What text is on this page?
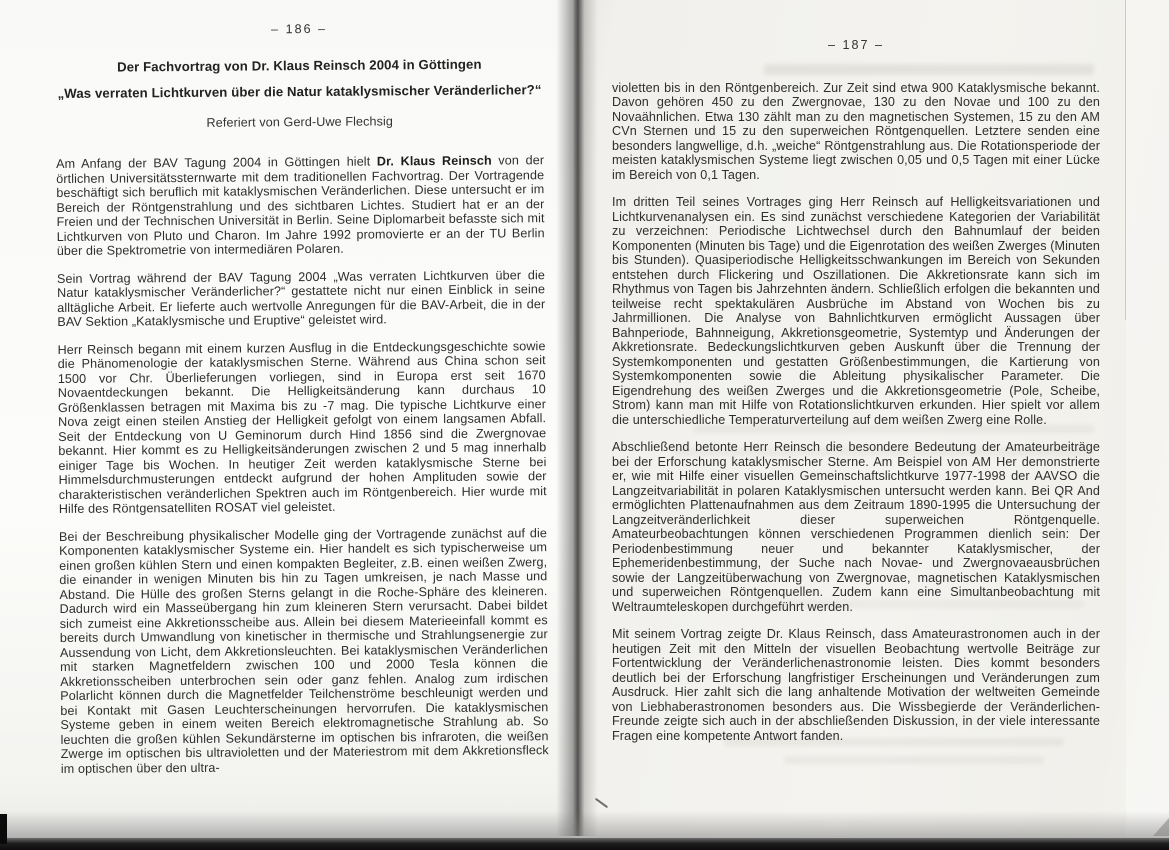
– 186 –
Der Fachvortrag von Dr. Klaus Reinsch 2004 in Göttingen
„Was verraten Lichtkurven über die Natur kataklysmischer Veränderlicher?“
Referiert von Gerd-Uwe Flechsig

Am Anfang der BAV Tagung 2004 in Göttingen hielt Dr. Klaus Reinsch von der örtlichen Universitätssternwarte mit dem traditionellen Fachvortrag. Der Vortragende beschäftigt sich beruflich mit kataklysmischen Veränderlichen. Diese untersucht er im Bereich der Röntgenstrahlung und des sichtbaren Lichtes. Studiert hat er an der Freien und der Technischen Universität in Berlin. Seine Diplomarbeit befasste sich mit Lichtkurven von Pluto und Charon. Im Jahre 1992 promovierte er an der TU Berlin über die Spektrometrie von intermediären Polaren.

Sein Vortrag während der BAV Tagung 2004 „Was verraten Lichtkurven über die Natur kataklysmischer Veränderlicher?“ gestattete nicht nur einen Einblick in seine alltägliche Arbeit. Er lieferte auch wertvolle Anregungen für die BAV-Arbeit, die in der BAV Sektion „Kataklysmische und Eruptive“ geleistet wird.

Herr Reinsch begann mit einem kurzen Ausflug in die Entdeckungsgeschichte sowie die Phänomenologie der kataklysmischen Sterne. Während aus China schon seit 1500 vor Chr. Überlieferungen vorliegen, sind in Europa erst seit 1670 Novaentdeckungen bekannt. Die Helligkeitsänderung kann durchaus 10 Größenklassen betragen mit Maxima bis zu -7 mag. Die typische Lichtkurve einer Nova zeigt einen steilen Anstieg der Helligkeit gefolgt von einem langsamen Abfall. Seit der Entdeckung von U Geminorum durch Hind 1856 sind die Zwergnovae bekannt. Hier kommt es zu Helligkeitsänderungen zwischen 2 und 5 mag innerhalb einiger Tage bis Wochen. In heutiger Zeit werden kataklysmische Sterne bei Himmelsdurchmusterungen entdeckt aufgrund der hohen Amplituden sowie der charakteristischen veränderlichen Spektren auch im Röntgenbereich. Hier wurde mit Hilfe des Röntgensatelliten ROSAT viel geleistet.

Bei der Beschreibung physikalischer Modelle ging der Vortragende zunächst auf die Komponenten kataklysmischer Systeme ein. Hier handelt es sich typischerweise um einen großen kühlen Stern und einen kompakten Begleiter, z.B. einen weißen Zwerg, die einander in wenigen Minuten bis hin zu Tagen umkreisen, je nach Masse und Abstand. Die Hülle des großen Sterns gelangt in die Roche-Sphäre des kleineren. Dadurch wird ein Masseübergang hin zum kleineren Stern verursacht. Dabei bildet sich zumeist eine Akkretionsscheibe aus. Allein bei diesem Materieeinfall kommt es bereits durch Umwandlung von kinetischer in thermische und Strahlungsenergie zur Aussendung von Licht, dem Akkretionsleuchten. Bei kataklysmischen Veränderlichen mit starken Magnetfeldern zwischen 100 und 2000 Tesla können die Akkretionsscheiben unterbrochen sein oder ganz fehlen. Analog zum irdischen Polarlicht können durch die Magnetfelder Teilchenströme beschleunigt werden und bei Kontakt mit Gasen Leuchterscheinungen hervorrufen. Die kataklysmischen Systeme geben in einem weiten Bereich elektromagnetische Strahlung ab. So leuchten die großen kühlen Sekundärsterne im optischen bis infraroten, die weißen Zwerge im optischen bis ultravioletten und der Materiestrom mit dem Akkretionsfleck im optischen über den ultra-

– 187 –

violetten bis in den Röntgenbereich. Zur Zeit sind etwa 900 Kataklysmische bekannt. Davon gehören 450 zu den Zwergnovae, 130 zu den Novae und 100 zu den Novaähnlichen. Etwa 130 zählt man zu den magnetischen Systemen, 15 zu den AM CVn Sternen und 15 zu den superweichen Röntgenquellen. Letztere senden eine besonders langwellige, d.h. „weiche“ Röntgenstrahlung aus. Die Rotationsperiode der meisten kataklysmischen Systeme liegt zwischen 0,05 und 0,5 Tagen mit einer Lücke im Bereich von 0,1 Tagen.

Im dritten Teil seines Vortrages ging Herr Reinsch auf Helligkeitsvariationen und Lichtkurvenanalysen ein. Es sind zunächst verschiedene Kategorien der Variabilität zu verzeichnen: Periodische Lichtwechsel durch den Bahnumlauf der beiden Komponenten (Minuten bis Tage) und die Eigenrotation des weißen Zwerges (Minuten bis Stunden). Quasiperiodische Helligkeitsschwankungen im Bereich von Sekunden entstehen durch Flickering und Oszillationen. Die Akkretionsrate kann sich im Rhythmus von Tagen bis Jahrzehnten ändern. Schließlich erfolgen die bekannten und teilweise recht spektakulären Ausbrüche im Abstand von Wochen bis zu Jahrmillionen. Die Analyse von Bahnlichtkurven ermöglicht Aussagen über Bahnperiode, Bahnneigung, Akkretionsgeometrie, Systemtyp und Änderungen der Akkretionsrate. Bedeckungslichtkurven geben Auskunft über die Trennung der Systemkomponenten und gestatten Größenbestimmungen, die Kartierung von Systemkomponenten sowie die Ableitung physikalischer Parameter. Die Eigendrehung des weißen Zwerges und die Akkretionsgeometrie (Pole, Scheibe, Strom) kann man mit Hilfe von Rotationslichtkurven erkunden. Hier spielt vor allem die unterschiedliche Temperaturverteilung auf dem weißen Zwerg eine Rolle.

Abschließend betonte Herr Reinsch die besondere Bedeutung der Amateurbeiträge bei der Erforschung kataklysmischer Sterne. Am Beispiel von AM Her demonstrierte er, wie mit Hilfe einer visuellen Gemeinschaftslichtkurve 1977-1998 der AAVSO die Langzeitvariabilität in polaren Kataklysmischen untersucht werden kann. Bei QR And ermöglichten Plattenaufnahmen aus dem Zeitraum 1890-1995 die Untersuchung der Langzeitveränderlichkeit dieser superweichen Röntgenquelle. Amateurbeobachtungen können verschiedenen Programmen dienlich sein: Der Periodenbestimmung neuer und bekannter Kataklysmischer, der Ephemeridenbestimmung, der Suche nach Novae- und Zwergnovaeausbrüchen sowie der Langzeitüberwachung von Zwergnovae, magnetischen Kataklysmischen und superweichen Röntgenquellen. Zudem kann eine Simultanbeobachtung mit Weltraumteleskopen durchgeführt werden.

Mit seinem Vortrag zeigte Dr. Klaus Reinsch, dass Amateurastronomen auch in der heutigen Zeit mit den Mitteln der visuellen Beobachtung wertvolle Beiträge zur Fortentwicklung der Veränderlichenastronomie leisten. Dies kommt besonders deutlich bei der Erforschung langfristiger Erscheinungen und Veränderungen zum Ausdruck. Hier zahlt sich die lang anhaltende Motivation der weltweiten Gemeinde von Liebhaberastronomen besonders aus. Die Wissbegierde der Veränderlichen-Freunde zeigte sich auch in der abschließenden Diskussion, in der viele interessante Fragen eine kompetente Antwort fanden.
